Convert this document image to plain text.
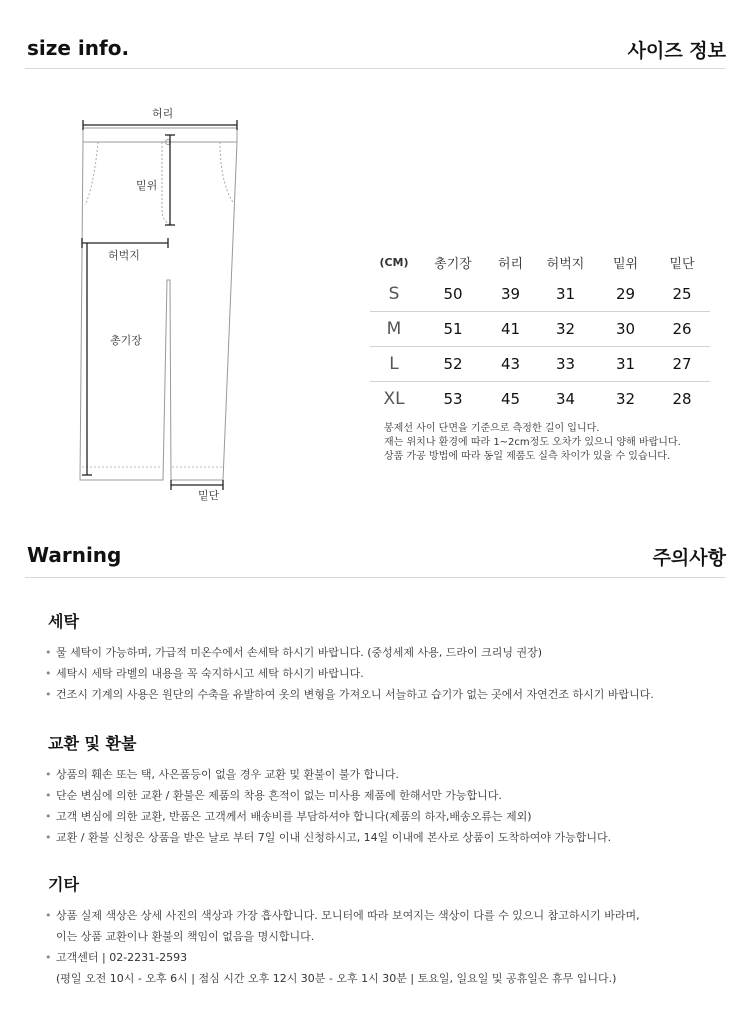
size info.	사이즈 정보
허리
밑위
허벅지
총기장
밑단
(CM)	총기장	허리	허벅지	밑위	밑단
S	50	39	31	29	25
M	51	41	32	30	26
L	52	43	33	31	27
XL	53	45	34	32	28
봉제선 사이 단면을 기준으로 측정한 길이 입니다.
재는 위치나 환경에 따라 1~2cm정도 오차가 있으니 양해 바랍니다.
상품 가공 방법에 따라 동일 제품도 실측 차이가 있을 수 있습니다.
Warning	주의사항
세탁
• 물 세탁이 가능하며, 가급적 미온수에서 손세탁 하시기 바랍니다. (중성세제 사용, 드라이 크리닝 권장)
• 세탁시 세탁 라벨의 내용을 꼭 숙지하시고 세탁 하시기 바랍니다.
• 건조시 기계의 사용은 원단의 수축을 유발하여 옷의 변형을 가져오니 서늘하고 습기가 없는 곳에서 자연건조 하시기 바랍니다.
교환 및 환불
• 상품의 훼손 또는 택, 사은품등이 없을 경우 교환 및 환불이 불가 합니다.
• 단순 변심에 의한 교환 / 환불은 제품의 착용 흔적이 없는 미사용 제품에 한해서만 가능합니다.
• 고객 변심에 의한 교환, 반품은 고객께서 배송비를 부담하셔야 합니다(제품의 하자,배송오류는 제외)
• 교환 / 환불 신청은 상품을 받은 날로 부터 7일 이내 신청하시고, 14일 이내에 본사로 상품이 도착하여야 가능합니다.
기타
• 상품 실제 색상은 상세 사진의 색상과 가장 흡사합니다. 모니터에 따라 보여지는 색상이 다를 수 있으니 참고하시기 바라며,
이는 상품 교환이나 환불의 책임이 없음을 명시합니다.
• 고객센터 | 02-2231-2593
(평일 오전 10시 - 오후 6시 | 점심 시간 오후 12시 30분 - 오후 1시 30분 | 토요일, 일요일 및 공휴일은 휴무 입니다.)
